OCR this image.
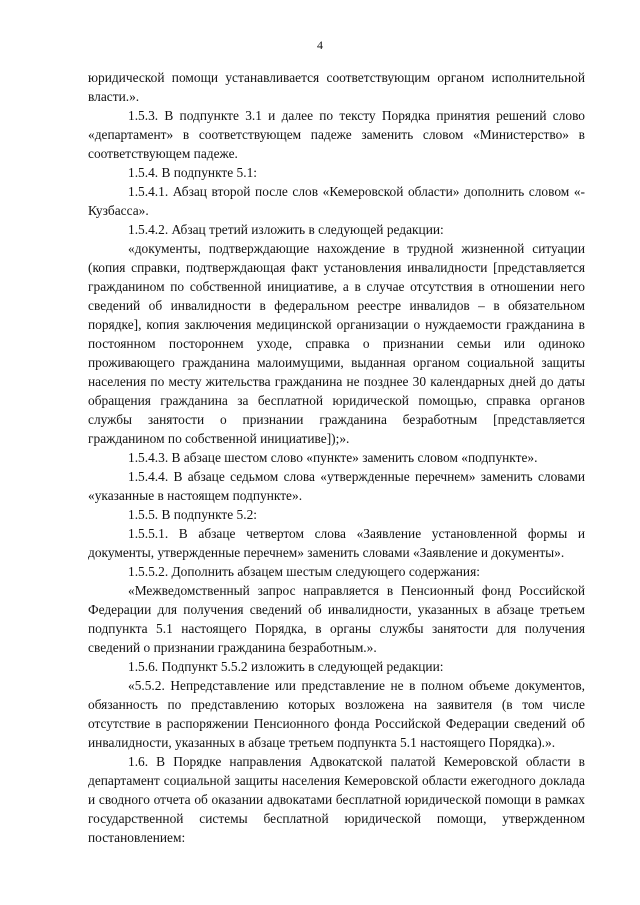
4

юридической помощи устанавливается соответствующим органом исполнительной власти.».

1.5.3. В подпункте 3.1 и далее по тексту Порядка принятия решений слово «департамент» в соответствующем падеже заменить словом «Министерство» в соответствующем падеже.

1.5.4. В подпункте 5.1:

1.5.4.1. Абзац второй после слов «Кемеровской области» дополнить словом «- Кузбасса».

1.5.4.2. Абзац третий изложить в следующей редакции:

«документы, подтверждающие нахождение в трудной жизненной ситуации (копия справки, подтверждающая факт установления инвалидности [представляется гражданином по собственной инициативе, а в случае отсутствия в отношении него сведений об инвалидности в федеральном реестре инвалидов – в обязательном порядке], копия заключения медицинской организации о нуждаемости гражданина в постоянном постороннем уходе, справка о признании семьи или одиноко проживающего гражданина малоимущими, выданная органом социальной защиты населения по месту жительства гражданина не позднее 30 календарных дней до даты обращения гражданина за бесплатной юридической помощью, справка органов службы занятости о признании гражданина безработным [представляется гражданином по собственной инициативе]);».

1.5.4.3. В абзаце шестом слово «пункте» заменить словом «подпункте».

1.5.4.4. В абзаце седьмом слова «утвержденные перечнем» заменить словами «указанные в настоящем подпункте».

1.5.5. В подпункте 5.2:

1.5.5.1. В абзаце четвертом слова «Заявление установленной формы и документы, утвержденные перечнем» заменить словами «Заявление и документы».

1.5.5.2. Дополнить абзацем шестым следующего содержания:

«Межведомственный запрос направляется в Пенсионный фонд Российской Федерации для получения сведений об инвалидности, указанных в абзаце третьем подпункта 5.1 настоящего Порядка, в органы службы занятости для получения сведений о признании гражданина безработным.».

1.5.6. Подпункт 5.5.2 изложить в следующей редакции:

«5.5.2. Непредставление или представление не в полном объеме документов, обязанность по представлению которых возложена на заявителя (в том числе отсутствие в распоряжении Пенсионного фонда Российской Федерации сведений об инвалидности, указанных в абзаце третьем подпункта 5.1 настоящего Порядка).».

1.6. В Порядке направления Адвокатской палатой Кемеровской области в департамент социальной защиты населения Кемеровской области ежегодного доклада и сводного отчета об оказании адвокатами бесплатной юридической помощи в рамках государственной системы бесплатной юридической помощи, утвержденном постановлением:
